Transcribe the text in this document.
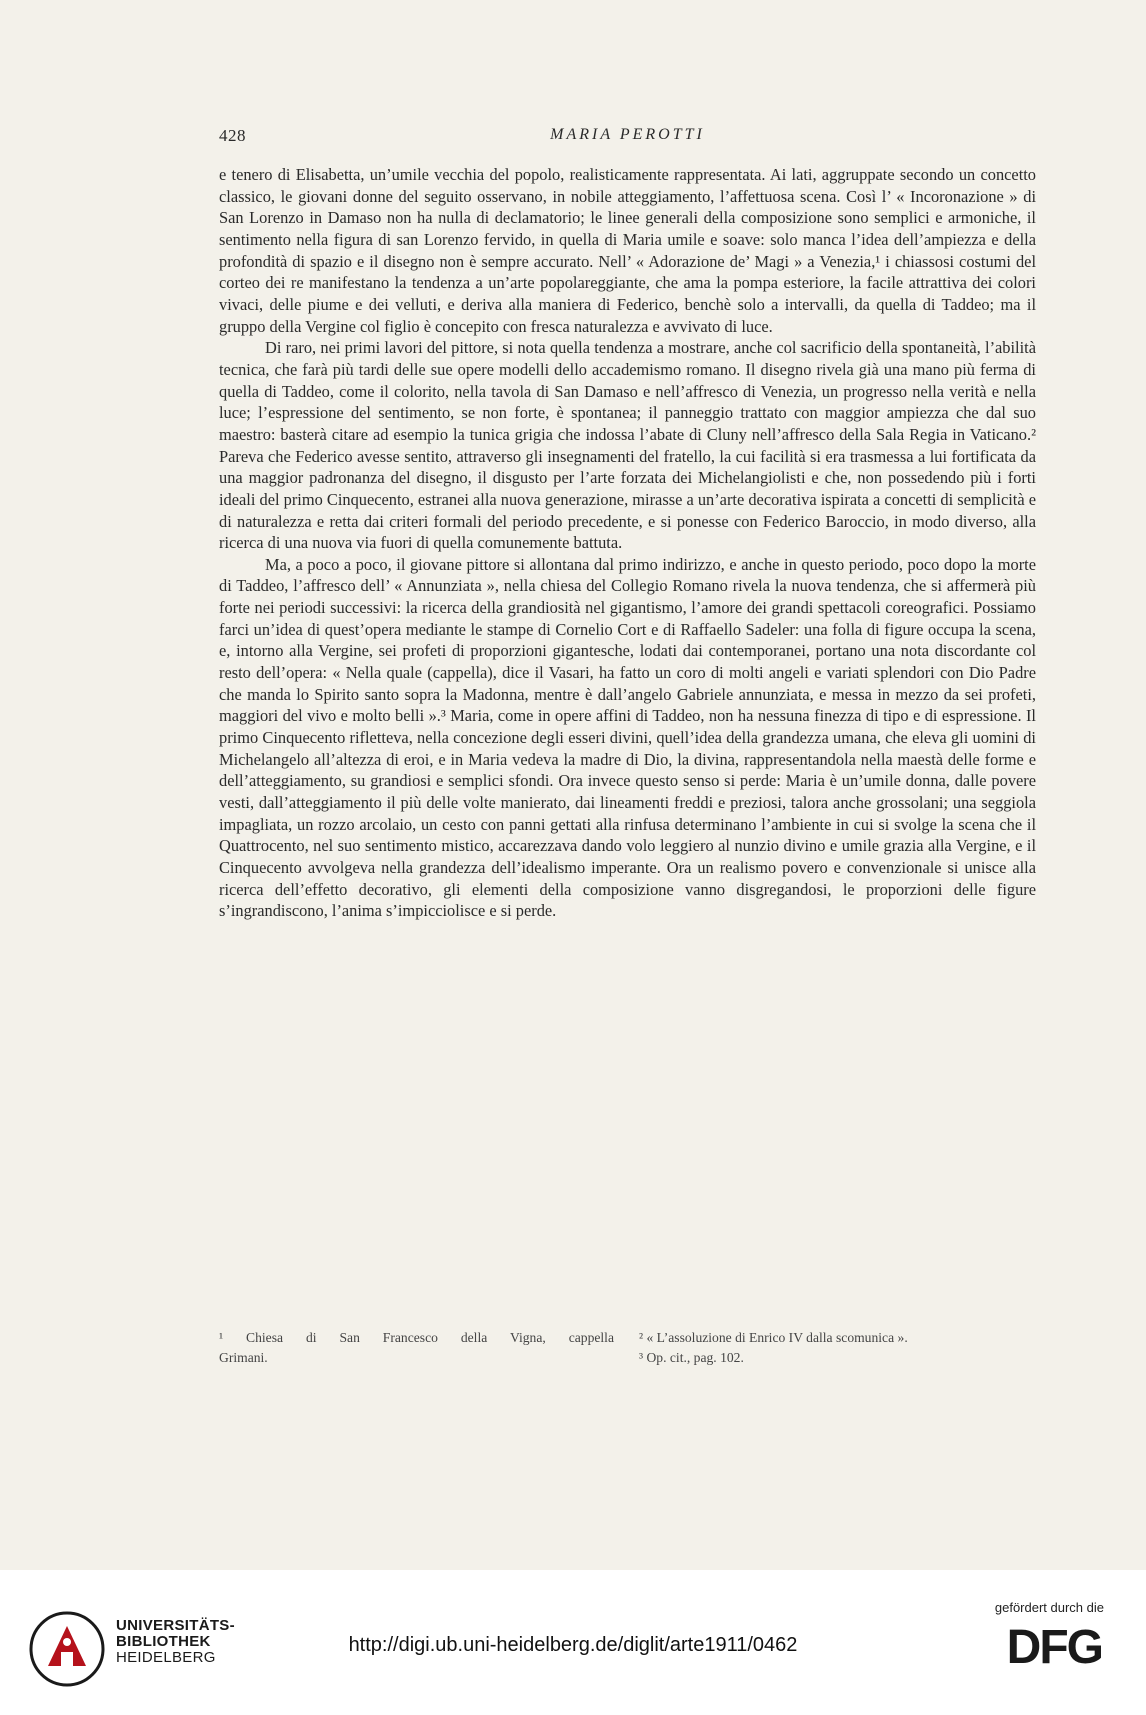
428	MARIA PEROTTI

e tenero di Elisabetta, un’umile vecchia del popolo, realisticamente rappresentata. Ai lati, aggruppate secondo un concetto classico, le giovani donne del seguito osservano, in nobile atteggiamento, l’affettuosa scena. Così l’ « Incoronazione » di San Lorenzo in Damaso non ha nulla di declamatorio; le linee generali della composizione sono semplici e armoniche, il sentimento nella figura di san Lorenzo fervido, in quella di Maria umile e soave: solo manca l’idea dell’ampiezza e della profondità di spazio e il disegno non è sempre accurato. Nell’ « Adorazione de’ Magi » a Venezia,¹ i chiassosi costumi del corteo dei re manifestano la tendenza a un’arte popolareggiante, che ama la pompa esteriore, la facile attrattiva dei colori vivaci, delle piume e dei velluti, e deriva alla maniera di Federico, benchè solo a intervalli, da quella di Taddeo; ma il gruppo della Vergine col figlio è concepito con fresca naturalezza e avvivato di luce.

Di raro, nei primi lavori del pittore, si nota quella tendenza a mostrare, anche col sacrificio della spontaneità, l’abilità tecnica, che farà più tardi delle sue opere modelli dello accademismo romano. Il disegno rivela già una mano più ferma di quella di Taddeo, come il colorito, nella tavola di San Damaso e nell’affresco di Venezia, un progresso nella verità e nella luce; l’espressione del sentimento, se non forte, è spontanea; il panneggio trattato con maggior ampiezza che dal suo maestro: basterà citare ad esempio la tunica grigia che indossa l’abate di Cluny nell’affresco della Sala Regia in Vaticano.² Pareva che Federico avesse sentito, attraverso gli insegnamenti del fratello, la cui facilità si era trasmessa a lui fortificata da una maggior padronanza del disegno, il disgusto per l’arte forzata dei Michelangiolisti e che, non possedendo più i forti ideali del primo Cinquecento, estranei alla nuova generazione, mirasse a un’arte decorativa ispirata a concetti di semplicità e di naturalezza e retta dai criteri formali del periodo precedente, e si ponesse con Federico Baroccio, in modo diverso, alla ricerca di una nuova via fuori di quella comunemente battuta.

Ma, a poco a poco, il giovane pittore si allontana dal primo indirizzo, e anche in questo periodo, poco dopo la morte di Taddeo, l’affresco dell’ « Annunziata », nella chiesa del Collegio Romano rivela la nuova tendenza, che si affermerà più forte nei periodi successivi: la ricerca della grandiosità nel gigantismo, l’amore dei grandi spettacoli coreografici. Possiamo farci un’idea di quest’opera mediante le stampe di Cornelio Cort e di Raffaello Sadeler: una folla di figure occupa la scena, e, intorno alla Vergine, sei profeti di proporzioni gigantesche, lodati dai contemporanei, portano una nota discordante col resto dell’opera: « Nella quale (cappella), dice il Vasari, ha fatto un coro di molti angeli e variati splendori con Dio Padre che manda lo Spirito santo sopra la Madonna, mentre è dall’angelo Gabriele annunziata, e messa in mezzo da sei profeti, maggiori del vivo e molto belli ».³ Maria, come in opere affini di Taddeo, non ha nessuna finezza di tipo e di espressione. Il primo Cinquecento rifletteva, nella concezione degli esseri divini, quell’idea della grandezza umana, che eleva gli uomini di Michelangelo all’altezza di eroi, e in Maria vedeva la madre di Dio, la divina, rappresentandola nella maestà delle forme e dell’atteggiamento, su grandiosi e semplici sfondi. Ora invece questo senso si perde: Maria è un’umile donna, dalle povere vesti, dall’atteggiamento il più delle volte manierato, dai lineamenti freddi e preziosi, talora anche grossolani; una seggiola impagliata, un rozzo arcolaio, un cesto con panni gettati alla rinfusa determinano l’ambiente in cui si svolge la scena che il Quattrocento, nel suo sentimento mistico, accarezzava dando volo leggiero al nunzio divino e umile grazia alla Vergine, e il Cinquecento avvolgeva nella grandezza dell’idealismo imperante. Ora un realismo povero e convenzionale si unisce alla ricerca dell’effetto decorativo, gli elementi della composizione vanno disgregandosi, le proporzioni delle figure s’ingrandiscono, l’anima s’impicciolisce e si perde.

¹ Chiesa di San Francesco della Vigna, cappella
Grimani.
² « L’assoluzione di Enrico IV dalla scomunica ».
³ Op. cit., pag. 102.
UNIVERSITÄTS-
BIBLIOTHEK
HEIDELBERG
http://digi.ub.uni-heidelberg.de/diglit/arte1911/0462
gefördert durch die
DFG
